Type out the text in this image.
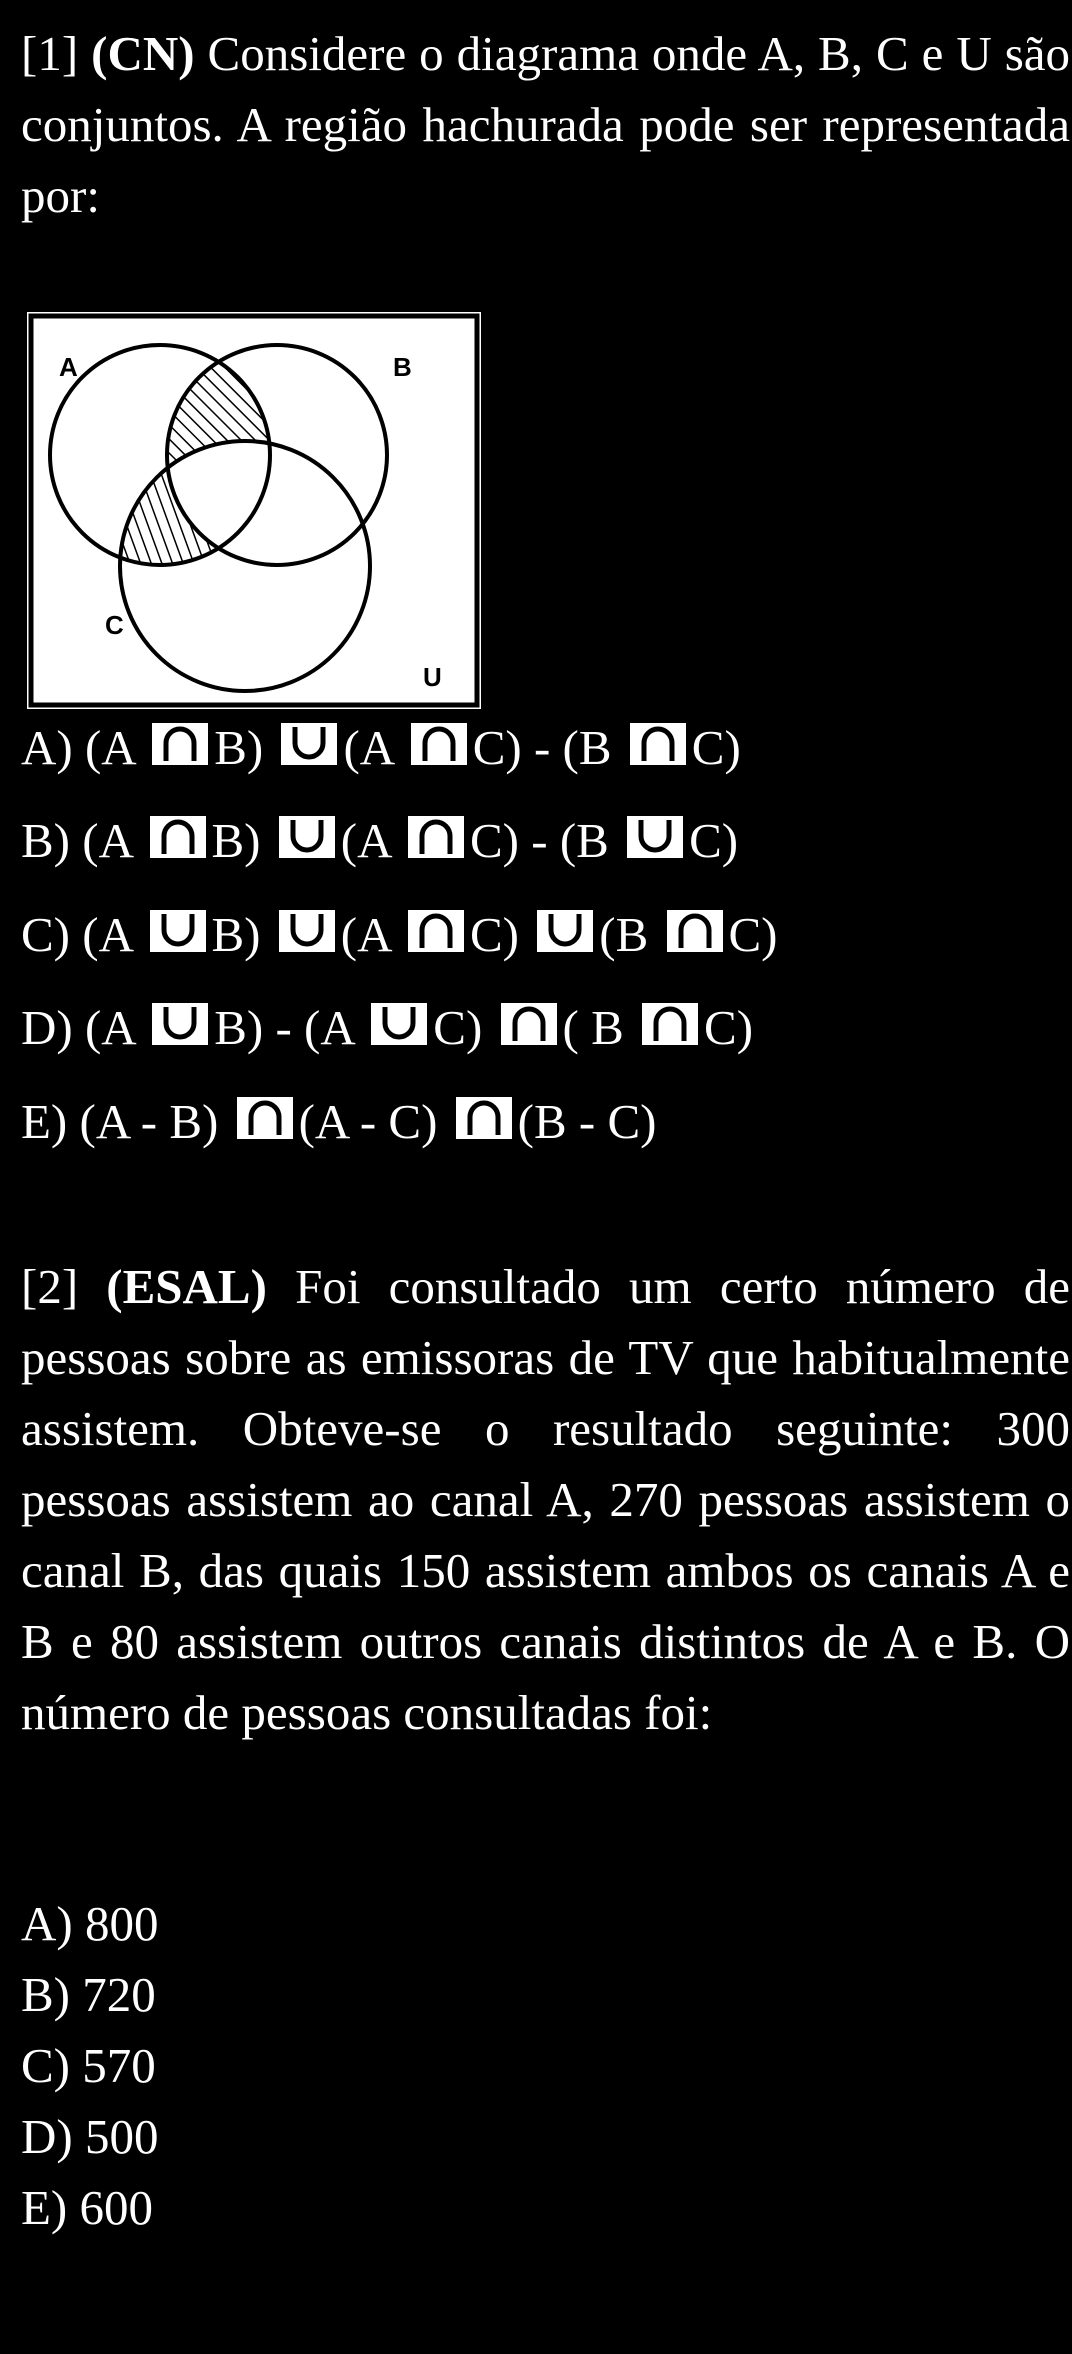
[1] (CN) Considere o diagrama onde A, B, C e U são conjuntos. A região hachurada pode ser representada por:

A	B
C
U
A) (A B) (A C) - (B C)
B) (A B) (A C) - (B C)
C) (A B) (A C) (B C)
D) (A B) - (A C) ( B C)
E) (A - B) (A - C) (B - C)

[2] (ESAL) Foi consultado um certo número de pessoas sobre as emissoras de TV que habitualmente assistem. Obteve-se o resultado seguinte: 300 pessoas assistem ao canal A, 270 pessoas assistem o canal B, das quais 150 assistem ambos os canais A e B e 80 assistem outros canais distintos de A e B. O número de pessoas consultadas foi:

A) 800
B) 720
C) 570
D) 500
E) 600
